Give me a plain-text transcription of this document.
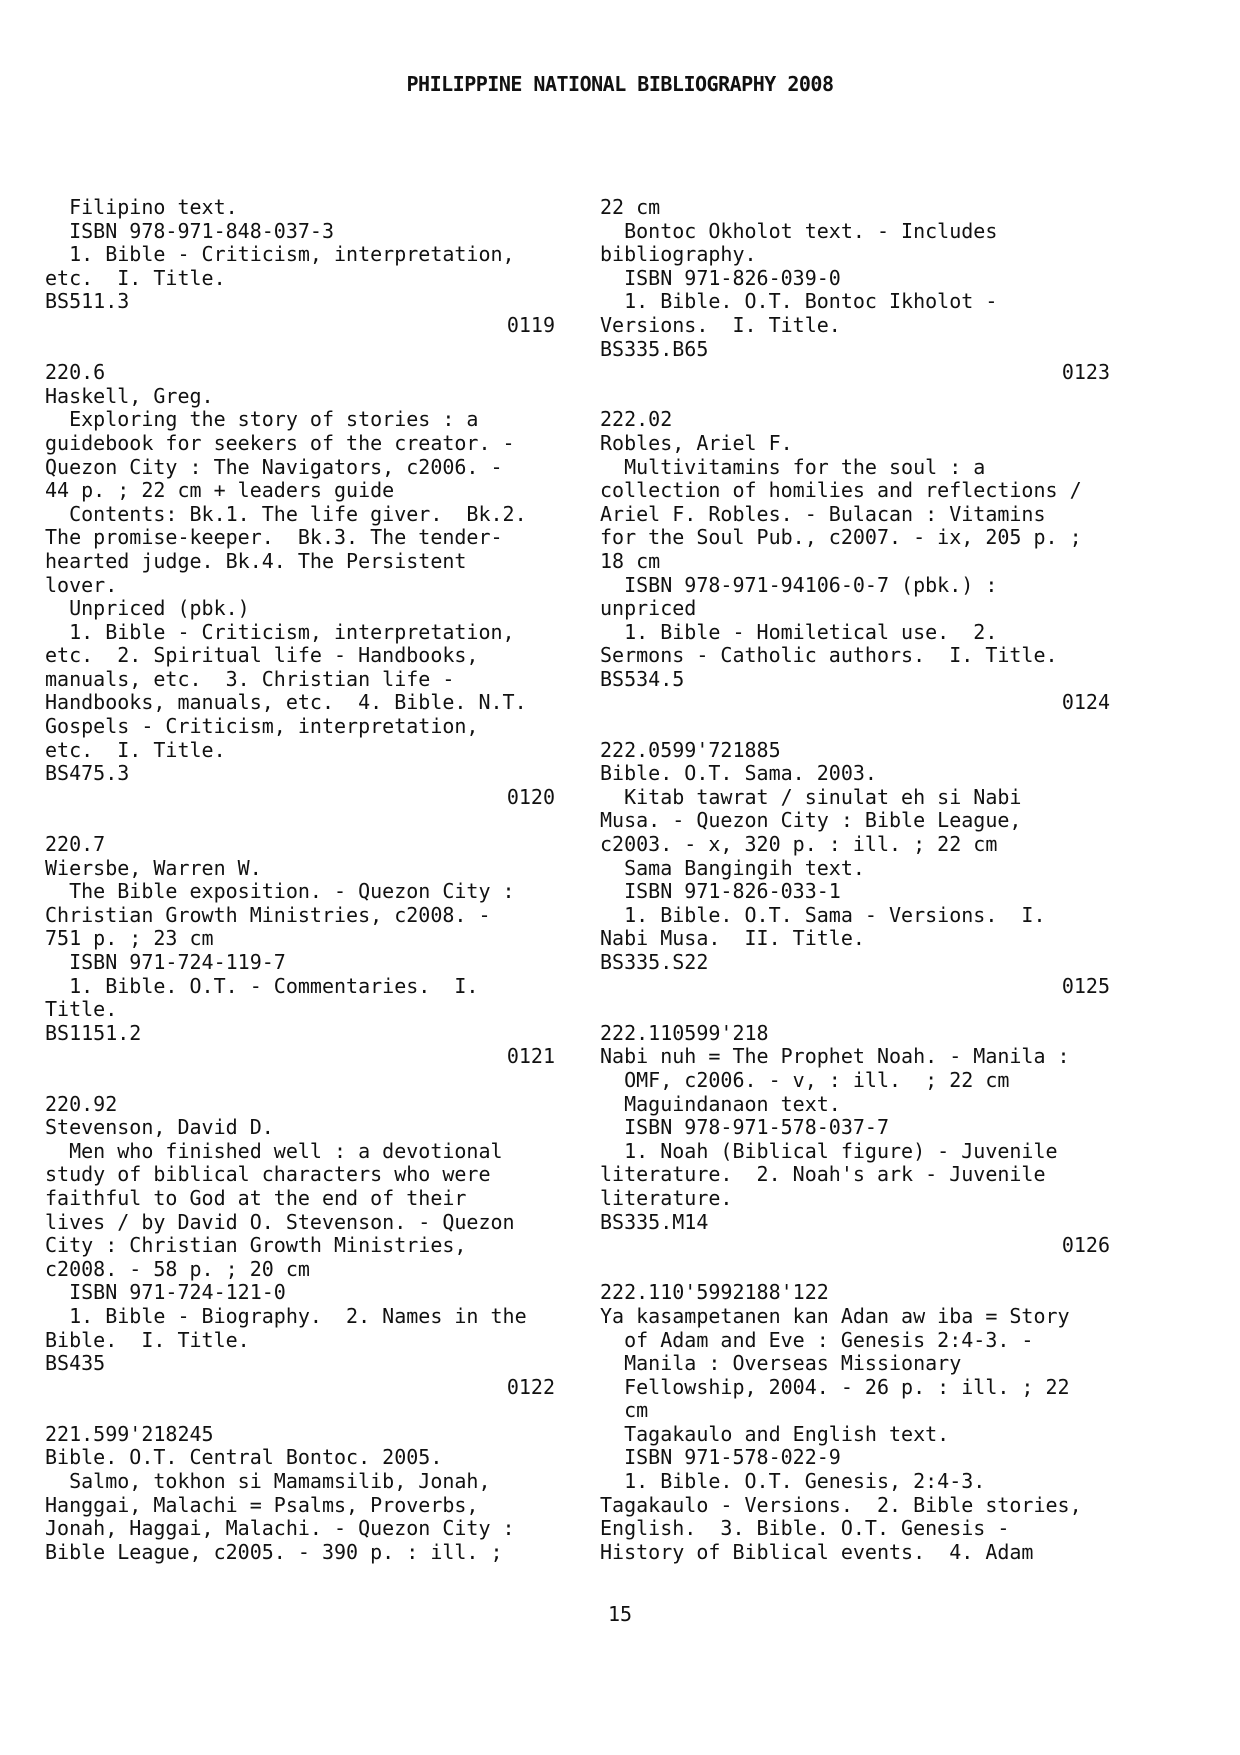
PHILIPPINE NATIONAL BIBLIOGRAPHY 2008
Filipino text.
ISBN 978-971-848-037-3
1. Bible - Criticism, interpretation,
etc.  I. Title.
BS511.3
0119
220.6
Haskell, Greg.
Exploring the story of stories : a
guidebook for seekers of the creator. -
Quezon City : The Navigators, c2006. -
44 p. ; 22 cm + leaders guide
Contents: Bk.1. The life giver.  Bk.2.
The promise-keeper.  Bk.3. The tender-
hearted judge. Bk.4. The Persistent
lover.
Unpriced (pbk.)
1. Bible - Criticism, interpretation,
etc.  2. Spiritual life - Handbooks,
manuals, etc.  3. Christian life -
Handbooks, manuals, etc.  4. Bible. N.T.
Gospels - Criticism, interpretation,
etc.  I. Title.
BS475.3
0120
220.7
Wiersbe, Warren W.
The Bible exposition. - Quezon City :
Christian Growth Ministries, c2008. -
751 p. ; 23 cm
ISBN 971-724-119-7
1. Bible. O.T. - Commentaries.  I.
Title.
BS1151.2
0121
220.92
Stevenson, David D.
Men who finished well : a devotional
study of biblical characters who were
faithful to God at the end of their
lives / by David O. Stevenson. - Quezon
City : Christian Growth Ministries,
c2008. - 58 p. ; 20 cm
ISBN 971-724-121-0
1. Bible - Biography.  2. Names in the
Bible.  I. Title.
BS435
0122
221.599'218245
Bible. O.T. Central Bontoc. 2005.
Salmo, tokhon si Mamamsilib, Jonah,
Hanggai, Malachi = Psalms, Proverbs,
Jonah, Haggai, Malachi. - Quezon City :
Bible League, c2005. - 390 p. : ill. ;
22 cm
Bontoc Okholot text. - Includes
bibliography.
ISBN 971-826-039-0
1. Bible. O.T. Bontoc Ikholot -
Versions.  I. Title.
BS335.B65
0123
222.02
Robles, Ariel F.
Multivitamins for the soul : a
collection of homilies and reflections /
Ariel F. Robles. - Bulacan : Vitamins
for the Soul Pub., c2007. - ix, 205 p. ;
18 cm
ISBN 978-971-94106-0-7 (pbk.) :
unpriced
1. Bible - Homiletical use.  2.
Sermons - Catholic authors.  I. Title.
BS534.5
0124
222.0599'721885
Bible. O.T. Sama. 2003.
Kitab tawrat / sinulat eh si Nabi
Musa. - Quezon City : Bible League,
c2003. - x, 320 p. : ill. ; 22 cm
Sama Bangingih text.
ISBN 971-826-033-1
1. Bible. O.T. Sama - Versions.  I.
Nabi Musa.  II. Title.
BS335.S22
0125
222.110599'218
Nabi nuh = The Prophet Noah. - Manila :
OMF, c2006. - v, : ill.  ; 22 cm
Maguindanaon text.
ISBN 978-971-578-037-7
1. Noah (Biblical figure) - Juvenile
literature.  2. Noah's ark - Juvenile
literature.
BS335.M14
0126
222.110'5992188'122
Ya kasampetanen kan Adan aw iba = Story
of Adam and Eve : Genesis 2:4-3. -
Manila : Overseas Missionary
Fellowship, 2004. - 26 p. : ill. ; 22
cm
Tagakaulo and English text.
ISBN 971-578-022-9
1. Bible. O.T. Genesis, 2:4-3.
Tagakaulo - Versions.  2. Bible stories,
English.  3. Bible. O.T. Genesis -
History of Biblical events.  4. Adam
15
